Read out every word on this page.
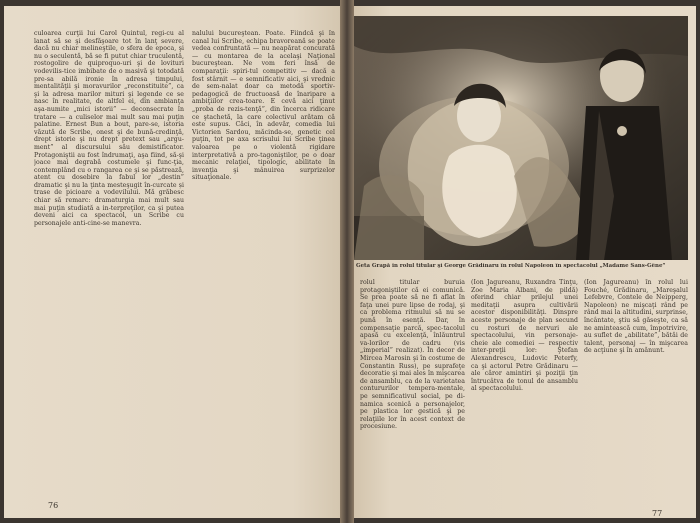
culoarea curţii lui Carol Quintul, regi-cu al lanat să se şi desfăşoare tot în lanţ severe, dacă nu chiar melineştile, o sfera de epoca, şi nu o seculentă, bă se fi putut chiar truculentă, rostogolire de quiproquo-uri şi de lovituri vodevilis-tice imbibate de o masivă şi totodată pre-sa abilă ironie în adresa timpului, mentalităţii şi moravurilor „reconstituite”, ca şi la adresa marilor mituri şi legende ce se nasc în realitate, de altfel ei, din ambianţa aşa-numite „mici istorii” — deconsecrate în tratare — a culiselor mai mult sau mai puţin palatine. Ernest Bun a bout, pare-se, istoria văzută de Scribe, onest şi de bună-credinţă, drept istorie şi nu drept pretext sau „argu-ment” al discursului său demistificator. Protagoniştii au fost îndrumaţi, aşa fiind, să-şi joace mai degrabă costumele şi func-ţia, contemplând cu o rangarea ce şi se păstrează, atent cu dosebire la fabul lor „destin” dramatic şi nu la ţinta mesteşugit în-curcate și trase de picioare a vodevilului. Mă grăbesc chiar să remarc: dramaturgia mai mult sau mai puţin studiată a in-terpreţilor, ca şi putea deveni aici ca spectacol, un Scribe cu personajele anti-cine-se manevra.

nalului bucureştean. Poate. Fiindcă şi în canal lui Scribe, echipa bravoreană se poate vedea confruntată — nu neapărat concurată — cu montarea de la acelaşi Naţional bucureştean. Ne vom feri însă de comparaţii: spiri-tul competitiv — dacă a fost stârnit — e semnificativ aici, şi vrednic de sem-nalat doar ca metodă sportiv-pedagogică de fructuoasă de înaripare a ambiţiilor crea-toare. E cevă aici ţinut „proba de rezis-tenţă”, din încerca ridicare ce ştachetă, la care colectivul arătam că este supus. Căci, în adevăr, comedia lui Victorien Sardou, măcinda-se, genetic cel puţin, tot pe axa scrisului lui Scribe ţinea valoarea pe o violentă rigidare interpretativă a pro-tagoniştilor, pe o doar mecanic relaţiei, tipologic, abilitate în invenţia şi mânuirea surprizelor situaţionale.

76
Geta Grapă în rolul titular şi George Grădinaru în rolul Napoleon în spectacolul „Madame Sans-Gêne”

rolul titular buruia protagoniştilor că ei comunică. Se prea poate să ne fi aflat în faţa unei pure lipse de rodaj, şi ca problema ritmului să nu se pună în esenţă. Dar, în compensaţie parcă, spec-tacolul apasă cu excelenţă, înlăuntrul va-lorilor de cadru (vis „imperial” realizat). În decor de Mircea Marosin şi în costume de Constantin Russ), pe suprafeţe decoratie şi mai ales în mişcarea de ansamblu, ca de la varietatea contururilor tempera-mentale, pe semnificativul social, pe di-namica scenică a personajelor, pe plastica lor gestică şi pe relaţiile lor în acest context de procesiune.

(Ion Jagureanu, Ruxandra Tinţu, Zoe Maria Albani, de pildă) oferind chiar prilejul unei meditaţii asupra cultivării acestor disponibilităţi. Dinspre aceste personaje de plan secund cu rosturi de nervuri ale spectacolului, vin personaje-cheie ale comediei — respectiv inter-preţii lor: Ştefan Alexandrescu, Ludovic Peterfy, ca şi actorul Petre Grădinaru — ale căror amintiri şi poziţii ţin întrucâtva de tonul de ansamblu al spectacolului.

(Ion Jagureanu) în rolul lui Fouché, Grădinaru, „Mareşalul Lefebvre, Contele de Neipperg, Napoleon) ne mişcaţi rând pe rând mai la altitudini, surprinse, încântate, ştiu să găseşte, ca să ne amintească cum, împotrivire, au suflet de „abilitate”, bătăi de talent, personaj — în mişcarea de acţiune şi în amănunt.

77
